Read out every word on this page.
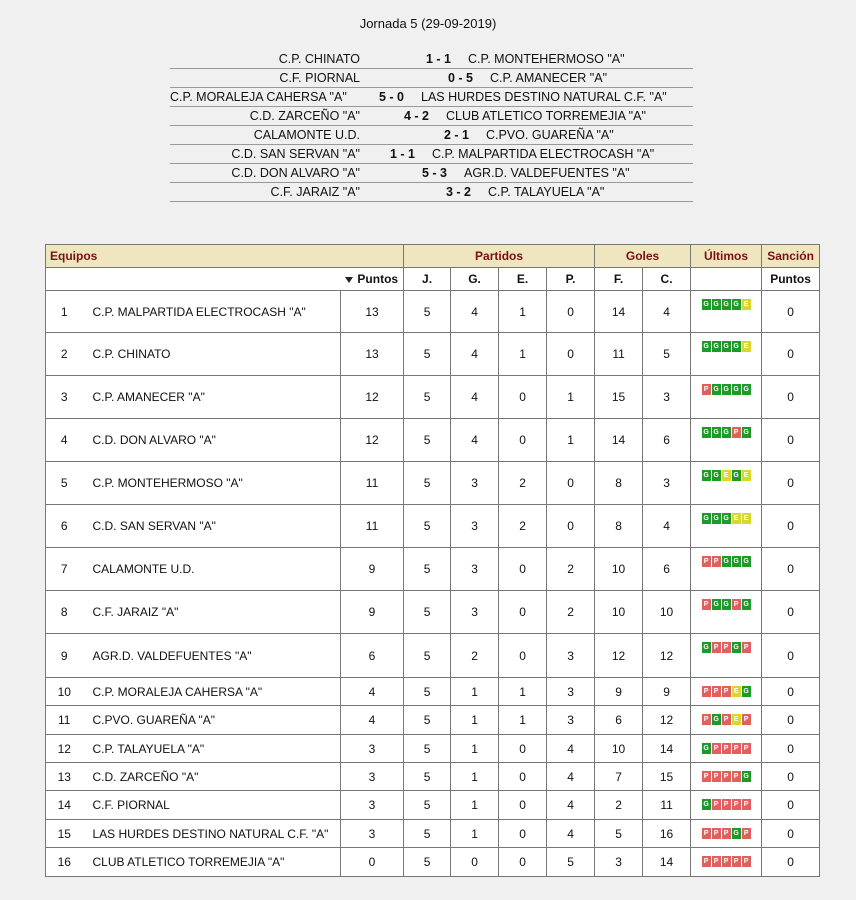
Jornada 5 (29-09-2019)
C.P. CHINATO	1 - 1 C.P. MONTEHERMOSO "A"
C.F. PIORNAL	0 - 5 C.P. AMANECER "A"
C.P. MORALEJA CAHERSA "A"	5 - 0 LAS HURDES DESTINO NATURAL C.F. "A"
C.D. ZARCEÑO "A"	4 - 2 CLUB ATLETICO TORREMEJIA "A"
CALAMONTE U.D.	2 - 1 C.PVO. GUAREÑA "A"
C.D. SAN SERVAN "A" 1 - 1 C.P. MALPARTIDA ELECTROCASH "A"
C.D. DON ALVARO "A"	5 - 3 AGR.D. VALDEFUENTES "A"
C.F. JARAIZ "A"	3 - 2 C.P. TALAYUELA "A"
Equipos			Partidos				Goles		Últimos	Sanción
		Puntos	J.	G.	E.	P.	F.	C.		Puntos
1	C.P. MALPARTIDA ELECTROCASH "A"	13	5	4	1	0	14	4	G G G G E	0
2	C.P. CHINATO	13	5	4	1	0	11	5	G G G G E	0
3	C.P. AMANECER "A"	12	5	4	0	1	15	3	P G G G G	0
4	C.D. DON ALVARO "A"	12	5	4	0	1	14	6	G G G P G	0
5	C.P. MONTEHERMOSO "A"	11	5	3	2	0	8	3	G G E G E	0
6	C.D. SAN SERVAN "A"	11	5	3	2	0	8	4	G G G E E	0
7	CALAMONTE U.D.	9	5	3	0	2	10	6	P P G G G	0
8	C.F. JARAIZ "A"	9	5	3	0	2	10	10	P G G P G	0
9	AGR.D. VALDEFUENTES "A"	6	5	2	0	3	12	12	G P P G P	0
10	C.P. MORALEJA CAHERSA "A"	4	5	1	1	3	9	9	P P P E G	0
11	C.PVO. GUAREÑA "A"	4	5	1	1	3	6	12	P G P E P	0
12	C.P. TALAYUELA "A"	3	5	1	0	4	10	14	G P P P P	0
13	C.D. ZARCEÑO "A"	3	5	1	0	4	7	15	P P P P G	0
14	C.F. PIORNAL	3	5	1	0	4	2	11	G P P P P	0
15	LAS HURDES DESTINO NATURAL C.F. "A"	3	5	1	0	4	5	16	P P P G P	0
16	CLUB ATLETICO TORREMEJIA "A"	0	5	0	0	5	3	14	P P P P P	0
